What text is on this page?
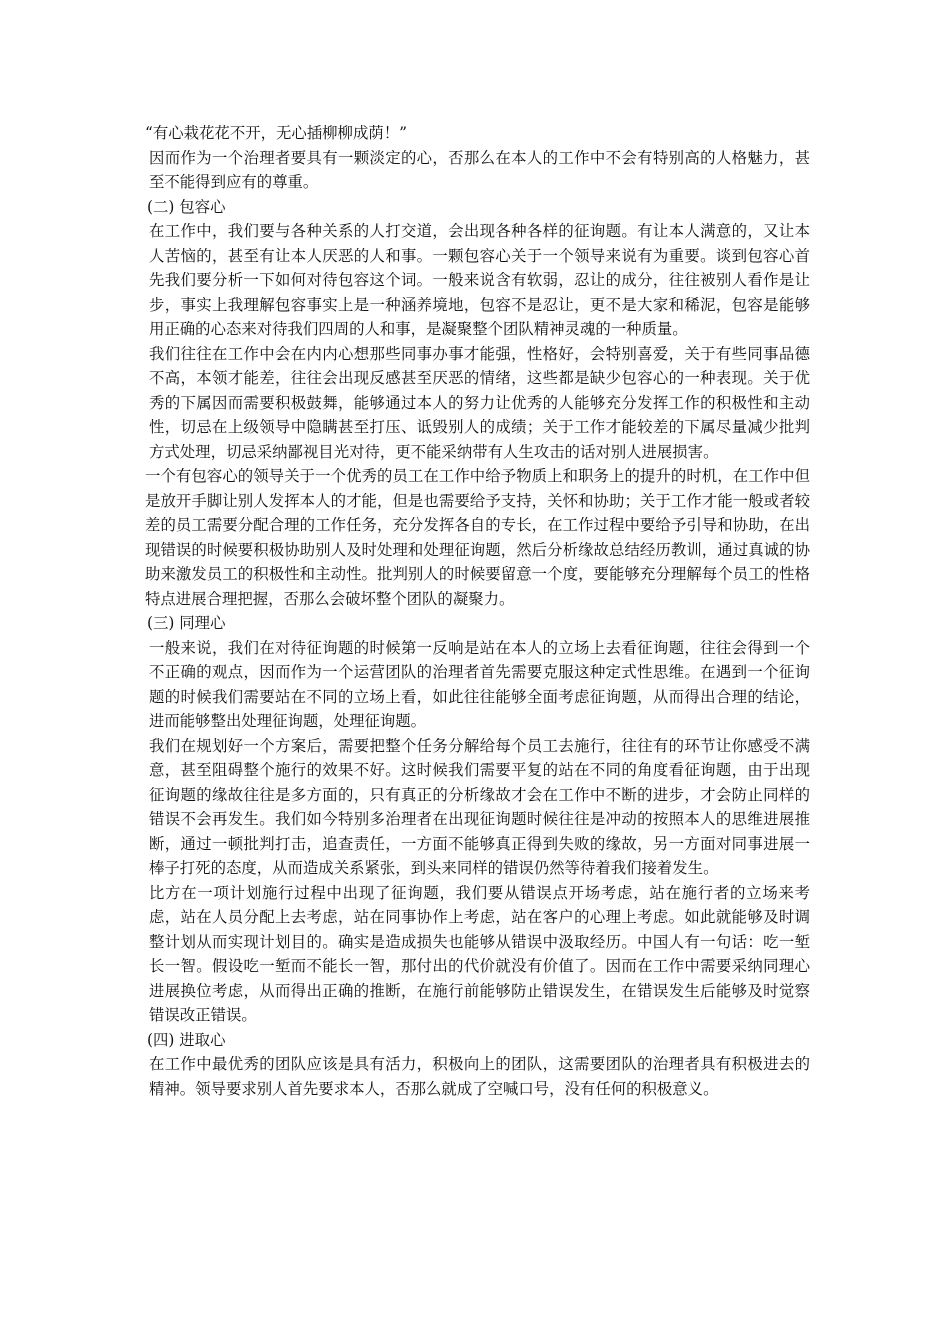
“有心栽花花不开，无心插柳柳成荫！”

因而作为一个治理者要具有一颗淡定的心，否那么在本人的工作中不会有特别高的人格魅力，甚至不能得到应有的尊重。

(二) 包容心

在工作中，我们要与各种关系的人打交道，会出现各种各样的征询题。有让本人满意的，又让本人苦恼的，甚至有让本人厌恶的人和事。一颗包容心关于一个领导来说有为重要。谈到包容心首先我们要分析一下如何对待包容这个词。一般来说含有软弱，忍让的成分，往往被别人看作是让步，事实上我理解包容事实上是一种涵养境地，包容不是忍让，更不是大家和稀泥，包容是能够用正确的心态来对待我们四周的人和事，是凝聚整个团队精神灵魂的一种质量。

我们往往在工作中会在内内心想那些同事办事才能强，性格好，会特别喜爱，关于有些同事品德不高，本领才能差，往往会出现反感甚至厌恶的情绪，这些都是缺少包容心的一种表现。关于优秀的下属因而需要积极鼓舞，能够通过本人的努力让优秀的人能够充分发挥工作的积极性和主动性，切忌在上级领导中隐瞒甚至打压、诋毁别人的成绩；关于工作才能较差的下属尽量减少批判方式处理，切忌采纳鄙视目光对待，更不能采纳带有人生攻击的话对别人进展损害。

一个有包容心的领导关于一个优秀的员工在工作中给予物质上和职务上的提升的时机，在工作中但是放开手脚让别人发挥本人的才能，但是也需要给予支持，关怀和协助；关于工作才能一般或者较差的员工需要分配合理的工作任务，充分发挥各自的专长，在工作过程中要给予引导和协助，在出现错误的时候要积极协助别人及时处理和处理征询题，然后分析缘故总结经历教训，通过真诚的协助来激发员工的积极性和主动性。批判别人的时候要留意一个度，要能够充分理解每个员工的性格特点进展合理把握，否那么会破坏整个团队的凝聚力。

(三) 同理心

一般来说，我们在对待征询题的时候第一反响是站在本人的立场上去看征询题，往往会得到一个不正确的观点，因而作为一个运营团队的治理者首先需要克服这种定式性思维。在遇到一个征询题的时候我们需要站在不同的立场上看，如此往往能够全面考虑征询题，从而得出合理的结论，进而能够整出处理征询题，处理征询题。

我们在规划好一个方案后，需要把整个任务分解给每个员工去施行，往往有的环节让你感受不满意，甚至阻碍整个施行的效果不好。这时候我们需要平复的站在不同的角度看征询题，由于出现征询题的缘故往往是多方面的，只有真正的分析缘故才会在工作中不断的进步，才会防止同样的错误不会再发生。我们如今特别多治理者在出现征询题时候往往是冲动的按照本人的思维进展推断，通过一顿批判打击，追查责任，一方面不能够真正得到失败的缘故，另一方面对同事进展一棒子打死的态度，从而造成关系紧张，到头来同样的错误仍然等待着我们接着发生。

比方在一项计划施行过程中出现了征询题，我们要从错误点开场考虑，站在施行者的立场来考虑，站在人员分配上去考虑，站在同事协作上考虑，站在客户的心理上考虑。如此就能够及时调整计划从而实现计划目的。确实是造成损失也能够从错误中汲取经历。中国人有一句话：吃一堑长一智。假设吃一堑而不能长一智，那付出的代价就没有价值了。因而在工作中需要采纳同理心进展换位考虑，从而得出正确的推断，在施行前能够防止错误发生，在错误发生后能够及时觉察错误改正错误。

(四) 进取心

在工作中最优秀的团队应该是具有活力，积极向上的团队，这需要团队的治理者具有积极进去的精神。领导要求别人首先要求本人，否那么就成了空喊口号，没有任何的积极意义。
